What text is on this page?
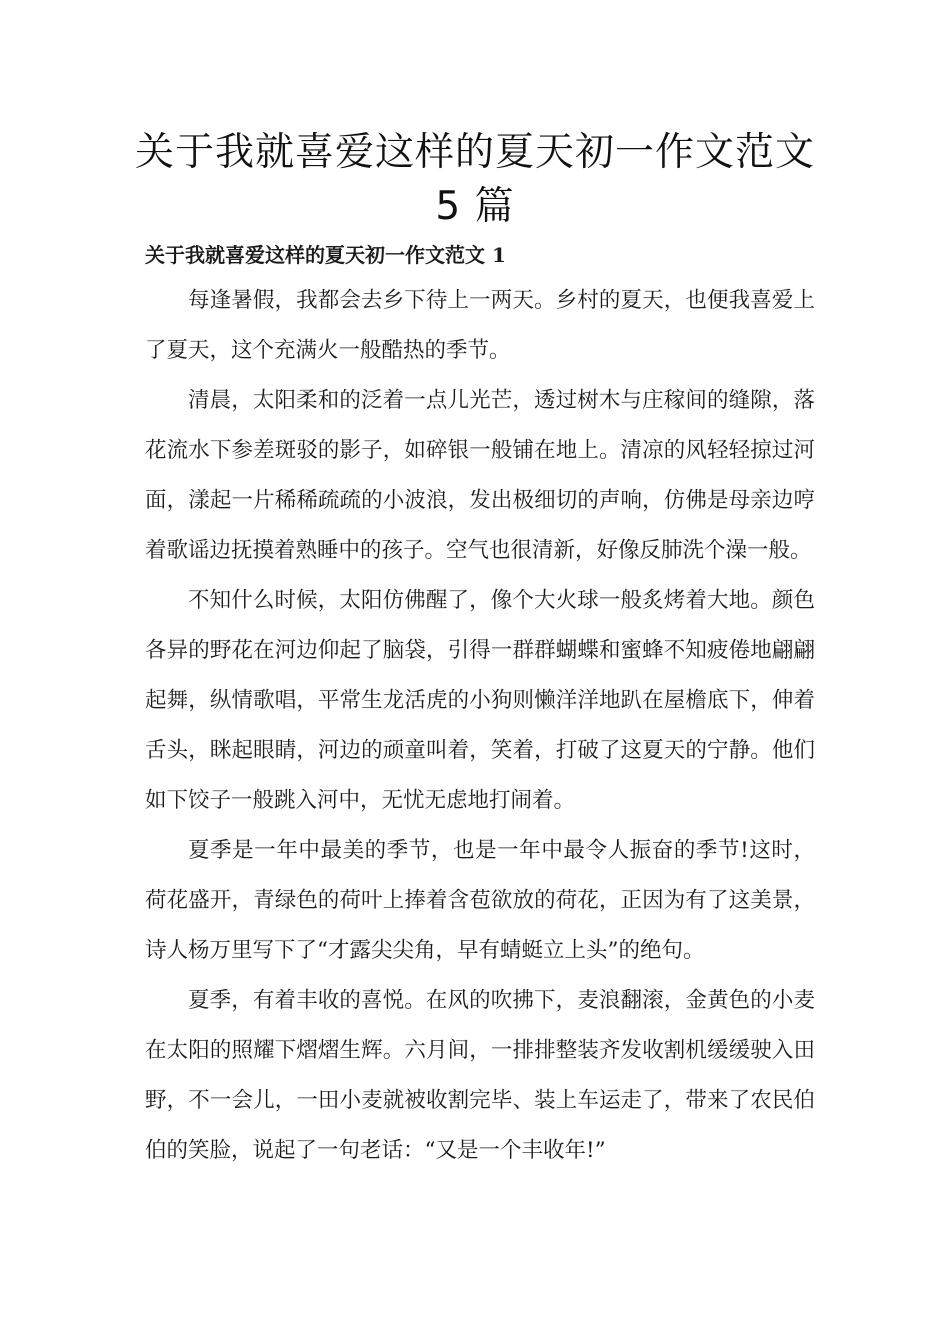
关于我就喜爱这样的夏天初一作文范文
5 篇
关于我就喜爱这样的夏天初一作文范文 1

每逢暑假，我都会去乡下待上一两天。乡村的夏天，也便我喜爱上了夏天，这个充满火一般酷热的季节。

清晨，太阳柔和的泛着一点儿光芒，透过树木与庄稼间的缝隙，落花流水下参差斑驳的影子，如碎银一般铺在地上。清凉的风轻轻掠过河面，漾起一片稀稀疏疏的小波浪，发出极细切的声响，仿佛是母亲边哼着歌谣边抚摸着熟睡中的孩子。空气也很清新，好像反肺洗个澡一般。

不知什么时候，太阳仿佛醒了，像个大火球一般炙烤着大地。颜色各异的野花在河边仰起了脑袋，引得一群群蝴蝶和蜜蜂不知疲倦地翩翩起舞，纵情歌唱，平常生龙活虎的小狗则懒洋洋地趴在屋檐底下，伸着舌头，眯起眼睛，河边的顽童叫着，笑着，打破了这夏天的宁静。他们如下饺子一般跳入河中，无忧无虑地打闹着。

夏季是一年中最美的季节，也是一年中最令人振奋的季节!这时，荷花盛开，青绿色的荷叶上捧着含苞欲放的荷花，正因为有了这美景，诗人杨万里写下了“才露尖尖角，早有蜻蜓立上头”的绝句。

夏季，有着丰收的喜悦。在风的吹拂下，麦浪翻滚，金黄色的小麦在太阳的照耀下熠熠生辉。六月间，一排排整装齐发收割机缓缓驶入田野，不一会儿，一田小麦就被收割完毕、装上车运走了，带来了农民伯伯的笑脸，说起了一句老话：“又是一个丰收年!”
